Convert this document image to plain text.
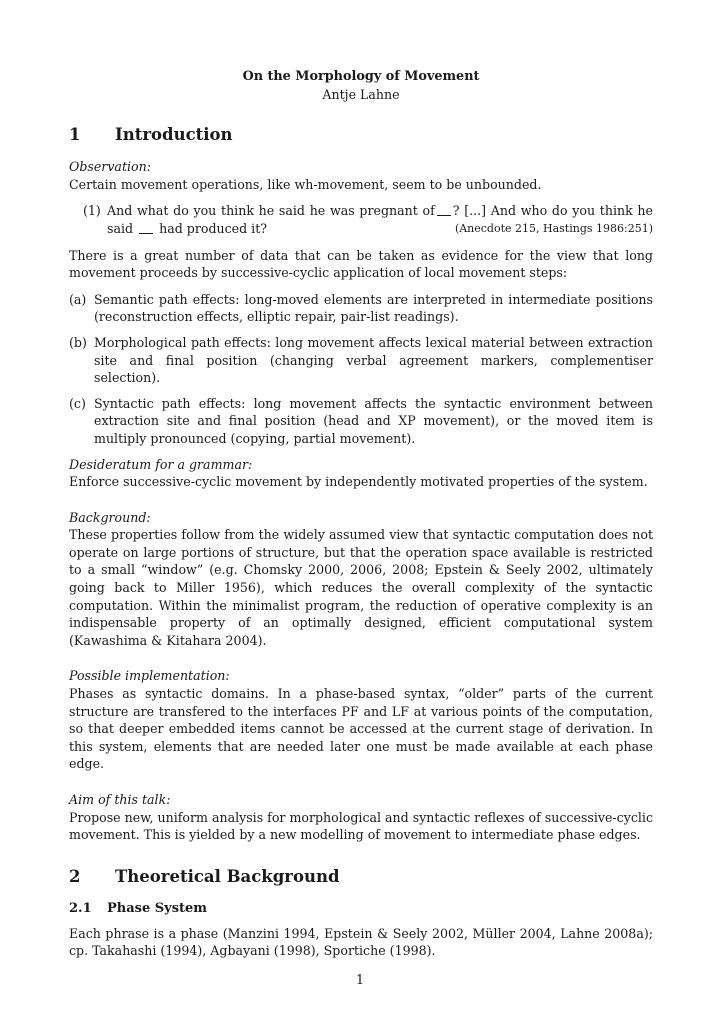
On the Morphology of Movement
Antje Lahne
1	Introduction
Observation:

Certain movement operations, like wh-movement, seem to be unbounded.

(1) And what do you think he said he was pregnant of ? [...] And who do you think he said had produced it?	(Anecdote 215, Hastings 1986:251)

There is a great number of data that can be taken as evidence for the view that long movement proceeds by successive-cyclic application of local movement steps:

(a) Semantic path effects: long-moved elements are interpreted in intermediate positions (reconstruction effects, elliptic repair, pair-list readings).
(b) Morphological path effects: long movement affects lexical material between extraction site and final position (changing verbal agreement markers, complementiser selection).
(c) Syntactic path effects: long movement affects the syntactic environment between extraction site and final position (head and XP movement), or the moved item is multiply pronounced (copying, partial movement).
Desideratum for a grammar:

Enforce successive-cyclic movement by independently motivated properties of the system.

Background:

These properties follow from the widely assumed view that syntactic computation does not operate on large portions of structure, but that the operation space available is restricted to a small “window” (e.g. Chomsky 2000, 2006, 2008; Epstein & Seely 2002, ultimately going back to Miller 1956), which reduces the overall complexity of the syntactic computation. Within the minimalist program, the reduction of operative complexity is an indispensable property of an optimally designed, efficient computational system (Kawashima & Kitahara 2004).

Possible implementation:

Phases as syntactic domains. In a phase-based syntax, “older” parts of the current structure are transfered to the interfaces PF and LF at various points of the computation, so that deeper embedded items cannot be accessed at the current stage of derivation. In this system, elements that are needed later one must be made available at each phase edge.

Aim of this talk:

Propose new, uniform analysis for morphological and syntactic reflexes of successive-cyclic movement. This is yielded by a new modelling of movement to intermediate phase edges.

2	Theoretical Background
2.1	Phase System

Each phrase is a phase (Manzini 1994, Epstein & Seely 2002, Müller 2004, Lahne 2008a); cp. Takahashi (1994), Agbayani (1998), Sportiche (1998).

1
